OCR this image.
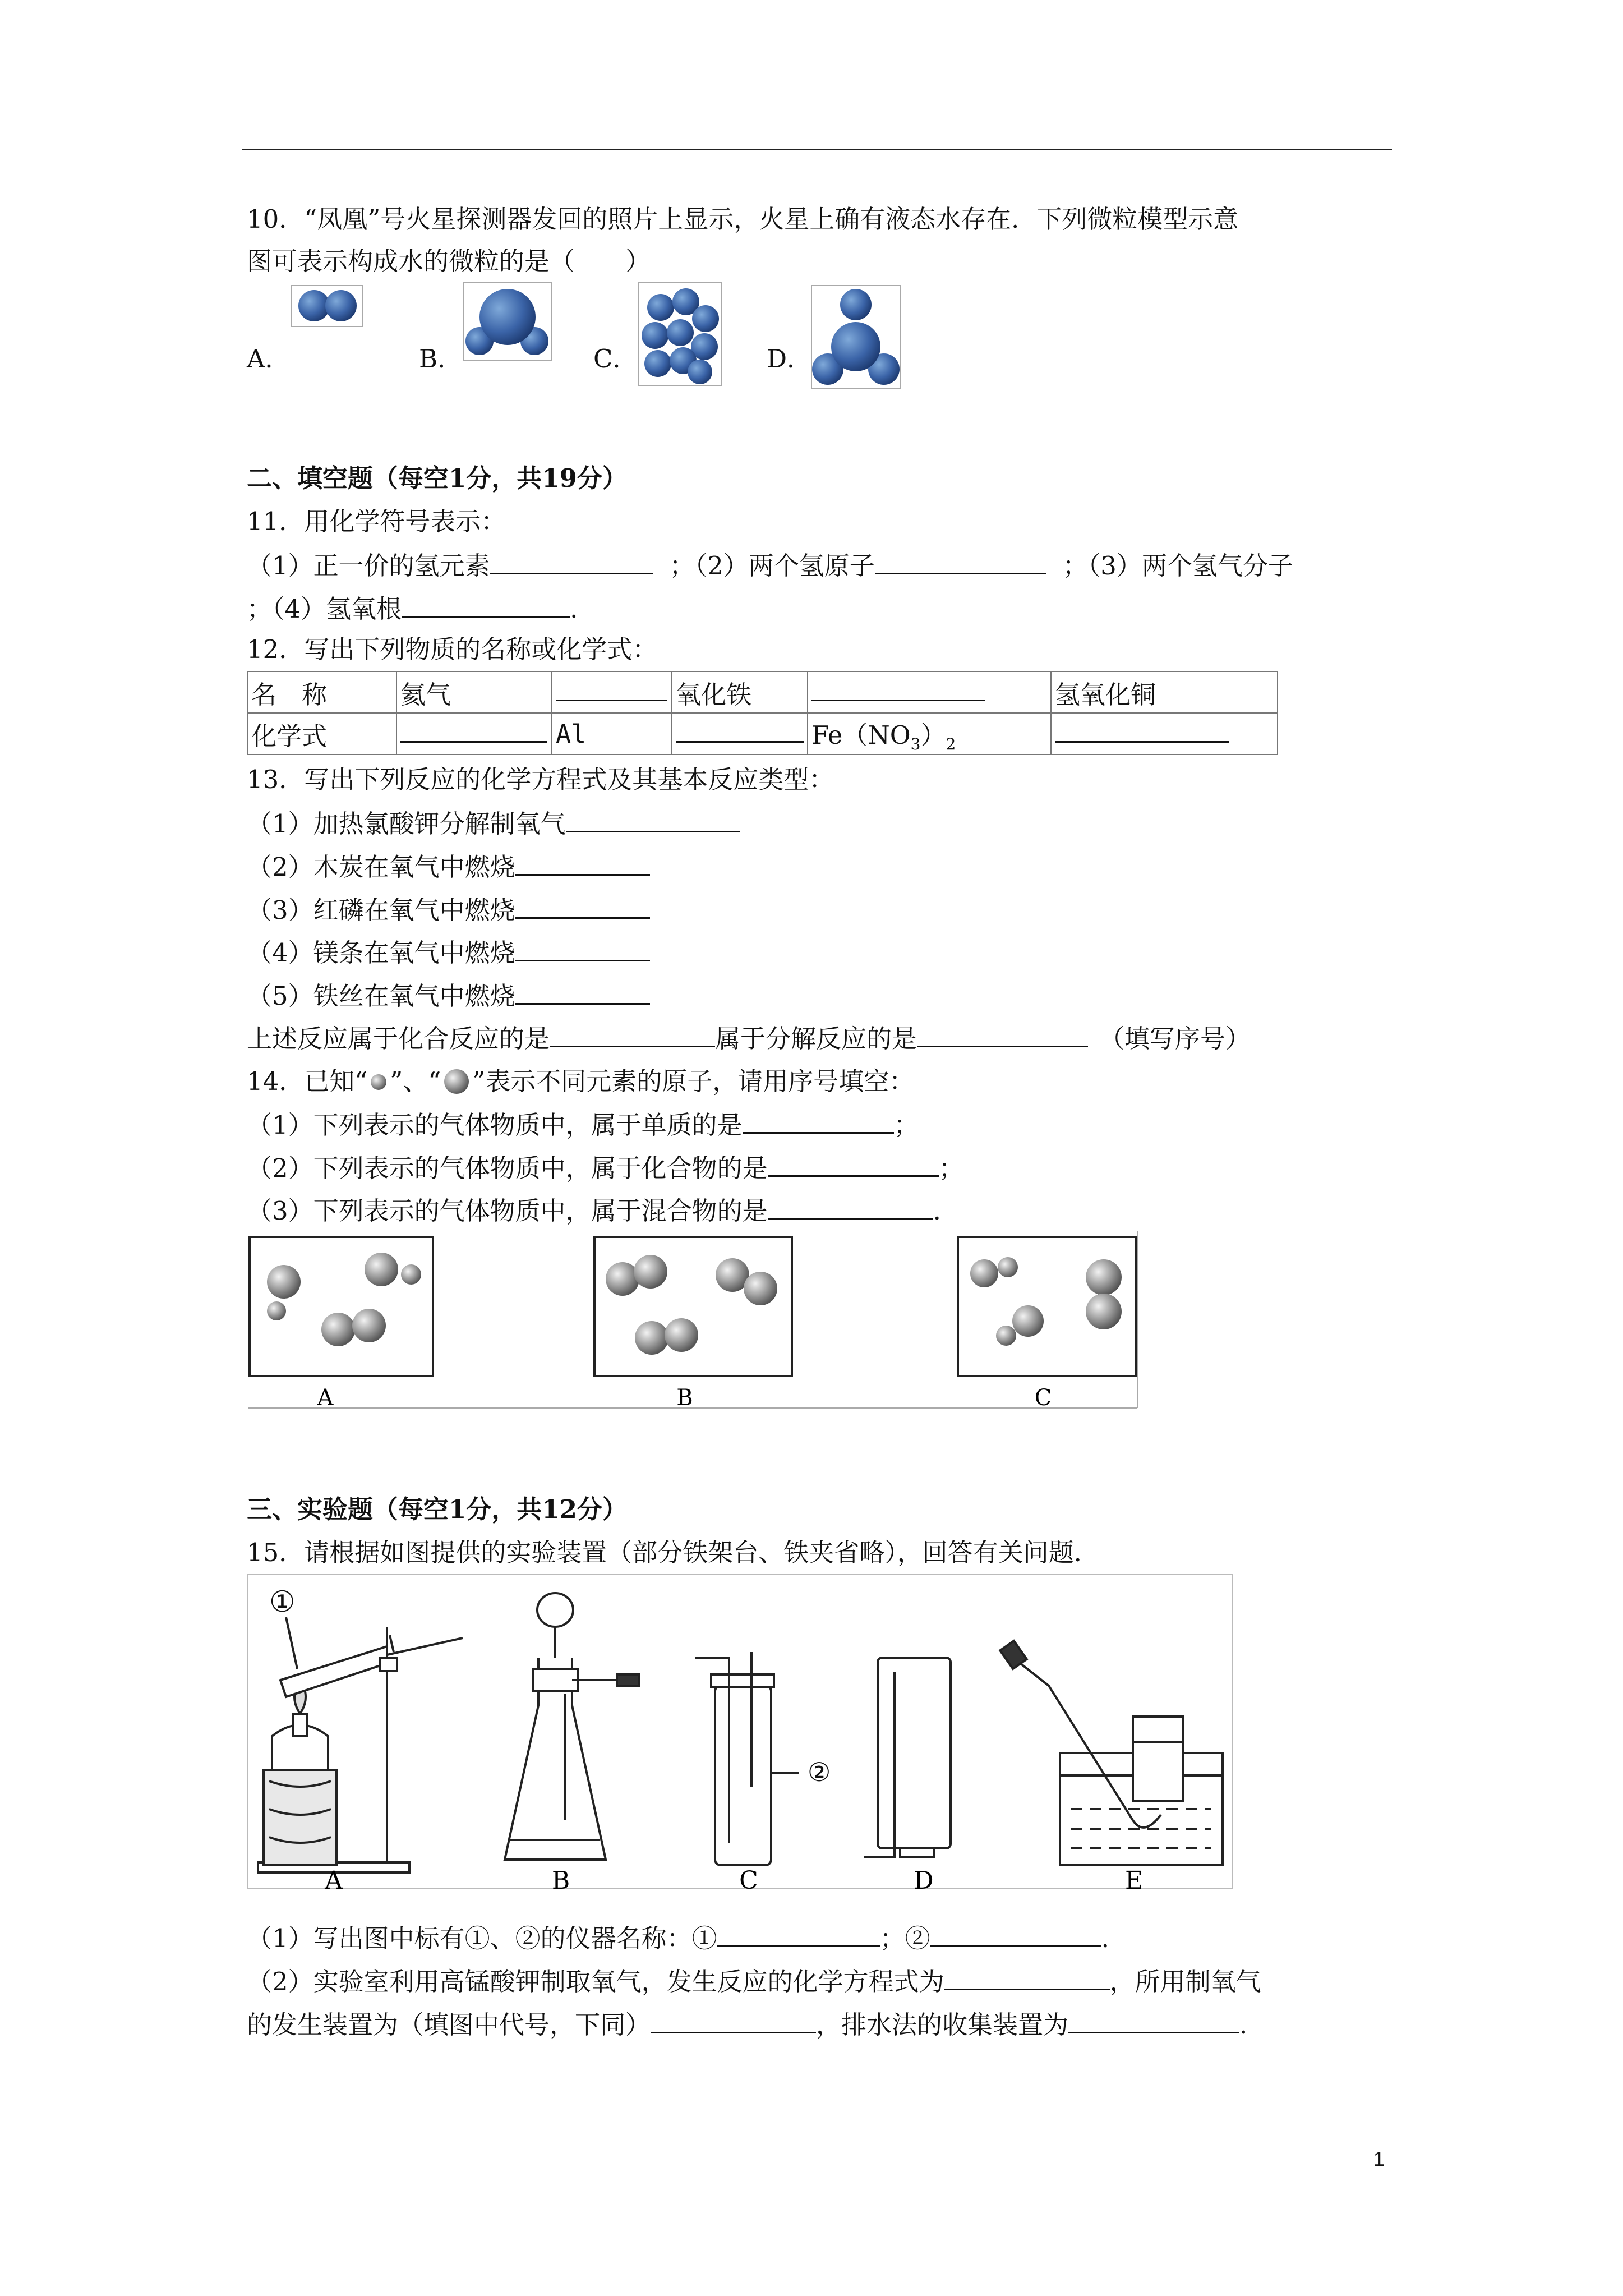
10．“凤凰”号火星探测器发回的照片上显示，火星上确有液态水存在．下列微粒模型示意
图可表示构成水的微粒的是（　　）
A．	B．	C．	D．
二、填空题（每空1分，共19分）
11．用化学符号表示：
（1）正一价的氢元素	；（2）两个氢原子	；（3）两个氢气分子
；（4）氢氧根	.
12．写出下列物质的名称或化学式：
名　称	氦气		氧化铁		氢氧化铜
化学式		Al		$Fe(NO_3)_2$	
13．写出下列反应的化学方程式及其基本反应类型：
（1）加热氯酸钾分解制氧气
（2）木炭在氧气中燃烧
（3）红磷在氧气中燃烧
（4）镁条在氧气中燃烧
（5）铁丝在氧气中燃烧
上述反应属于化合反应的是	属于分解反应的是	（填写序号）
14．已知“ ”、“ ”表示不同元素的原子，请用序号填空：
（1）下列表示的气体物质中，属于单质的是	；
（2）下列表示的气体物质中，属于化合物的是	；
（3）下列表示的气体物质中，属于混合物的是	.
A	B	C
三、实验题（每空1分，共12分）
15．请根据如图提供的实验装置（部分铁架台、铁夹省略），回答有关问题．
①
A	B
②
C	D	E
（1）写出图中标有①、②的仪器名称：①	；②	.
（2）实验室利用高锰酸钾制取氧气，发生反应的化学方程式为	，所用制氧气
的发生装置为（填图中代号，下同）	，排水法的收集装置为	.
1
